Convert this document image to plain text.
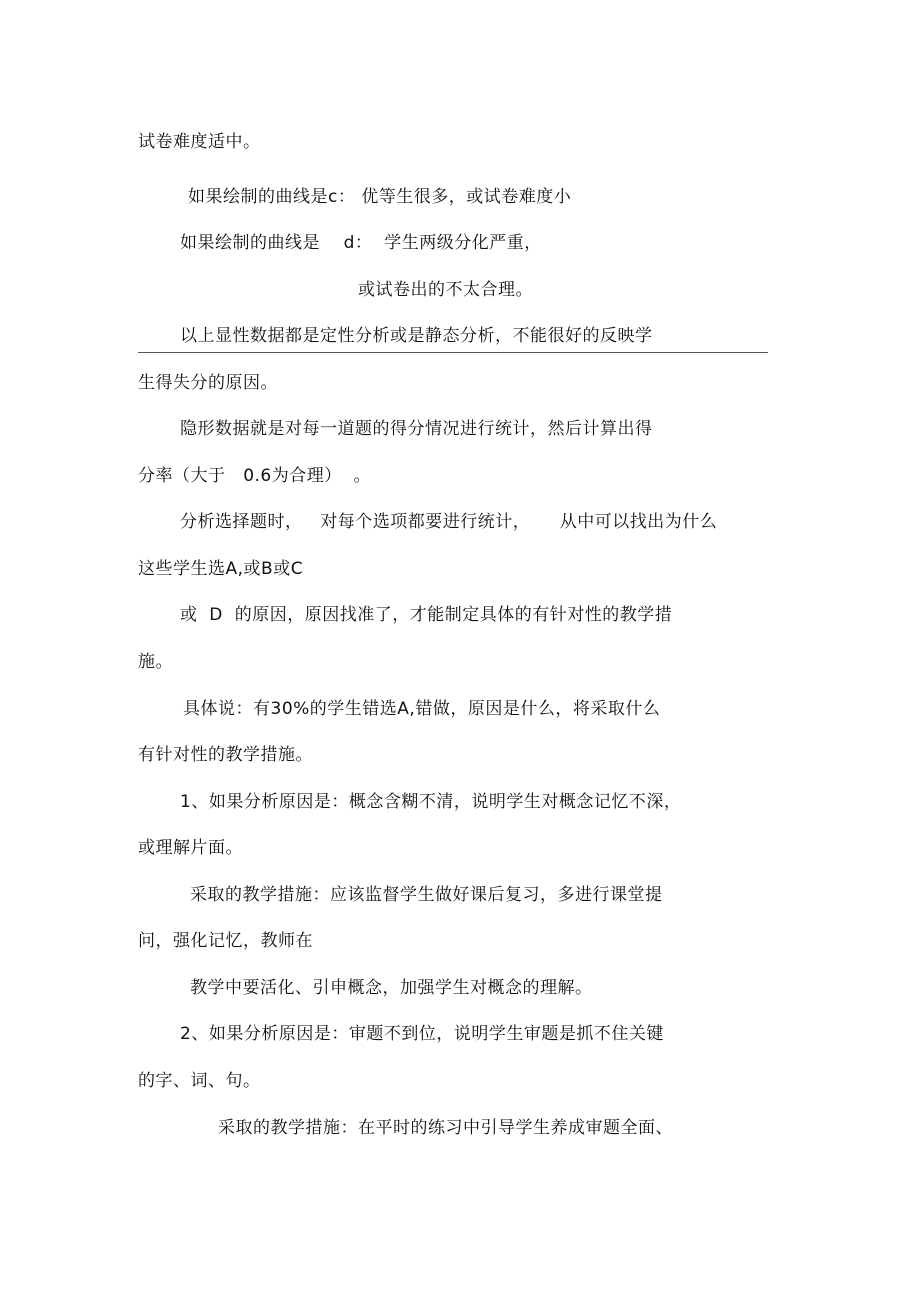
试卷难度适中。
如果绘制的曲线是c： 优等生很多，或试卷难度小
如果绘制的曲线是    d：  学生两级分化严重，
或试卷出的不太合理。
以上显性数据都是定性分析或是静态分析，不能很好的反映学
生得失分的原因。
隐形数据就是对每一道题的得分情况进行统计，然后计算出得
分率（大于   0.6为合理）  。
分析选择题时，   对每个选项都要进行统计，     从中可以找出为什么
这些学生选A,或B或C
或  D  的原因，原因找准了，才能制定具体的有针对性的教学措
施。
具体说：有30%的学生错选A,错做，原因是什么，将采取什么
有针对性的教学措施。
1、如果分析原因是：概念含糊不清，说明学生对概念记忆不深，
或理解片面。
采取的教学措施：应该监督学生做好课后复习，多进行课堂提
问，强化记忆，教师在
教学中要活化、引申概念，加强学生对概念的理解。
2、如果分析原因是：审题不到位，说明学生审题是抓不住关键
的字、词、句。
采取的教学措施：在平时的练习中引导学生养成审题全面、
